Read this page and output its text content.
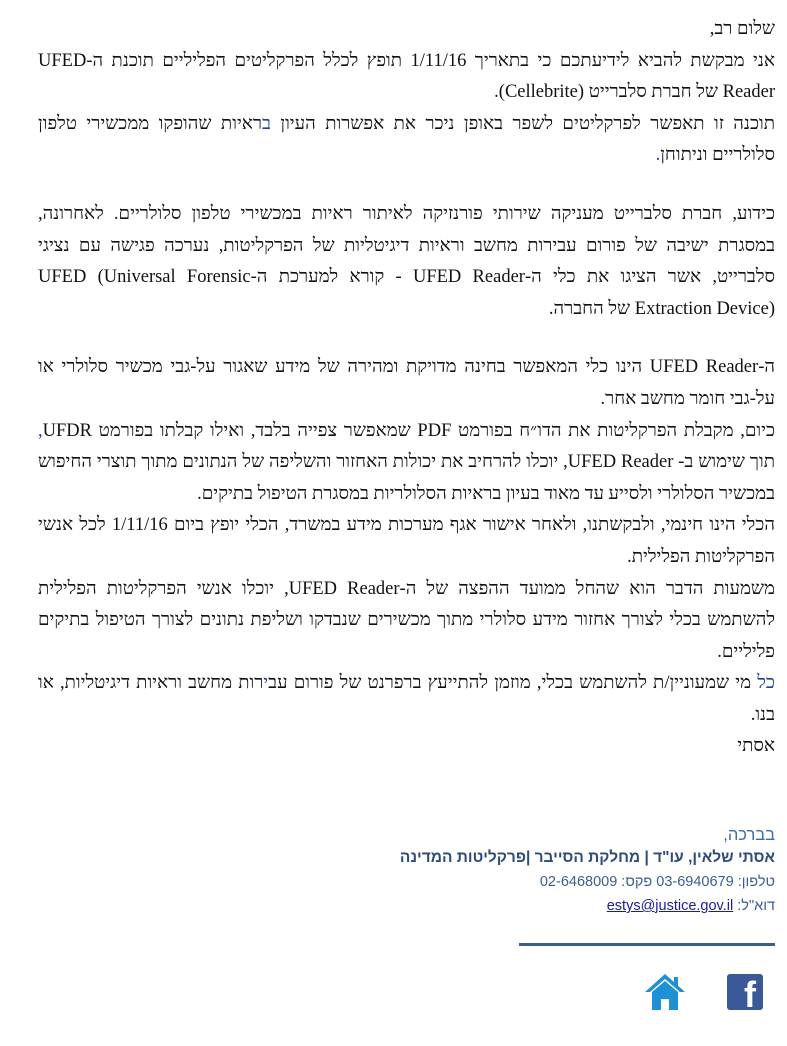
שלום רב,

אני מבקשת להביא לידיעתכם כי בתאריך 1/11/16 תופץ לכלל הפרקליטים הפליליים תוכנת ה-UFED Reader של חברת סלברייט (Cellebrite).

תוכנה זו תאפשר לפרקליטים לשפר באופן ניכר את אפשרות העיון בראיות שהופקו ממכשירי טלפון סלולריים וניתוחן.

כידוע, חברת סלברייט מעניקה שירותי פורנזיקה לאיתור ראיות במכשירי טלפון סלולריים. לאחרונה, במסגרת ישיבה של פורום עבירות מחשב וראיות דיגיטליות של הפרקליטות, נערכה פגישה עם נציגי סלברייט, אשר הציגו את כלי ה-UFED Reader - קורא למערכת ה-UFED (Universal Forensic Extraction Device) של החברה.

ה-UFED Reader הינו כלי המאפשר בחינה מדויקת ומהירה של מידע שאגור על-גבי מכשיר סלולרי או על-גבי חומר מחשב אחר.

כיום, מקבלת הפרקליטות את הדו״ח בפורמט PDF שמאפשר צפייה בלבד, ואילו קבלתו בפורמט UFDR, תוך שימוש ב- UFED Reader, יוכלו להרחיב את יכולות האחזור והשליפה של הנתונים מתוך תוצרי החיפוש במכשיר הסלולרי ולסייע עד מאוד בעיון בראיות הסלולריות במסגרת הטיפול בתיקים.

הכלי הינו חינמי, ולבקשתנו, ולאחר אישור אגף מערכות מידע במשרד, הכלי יופץ ביום 1/11/16 לכל אנשי הפרקליטות הפלילית.

משמעות הדבר הוא שהחל ממועד ההפצה של ה-UFED Reader, יוכלו אנשי הפרקליטות הפלילית להשתמש בכלי לצורך אחזור מידע סלולרי מתוך מכשירים שנבדקו ושליפת נתונים לצורך הטיפול בתיקים פליליים.

כל מי שמעוניין/ת להשתמש בכלי, מוזמן להתייעץ ברפרנט של פורום עבירות מחשב וראיות דיגיטליות, או בנו.

אסתי

בברכה,
אסתי שלאין, עו"ד | מחלקת הסייבר |פרקליטות המדינה
טלפון: 03-6940679 פקס: 02-6468009
דוא"ל: estys@justice.gov.il
f
